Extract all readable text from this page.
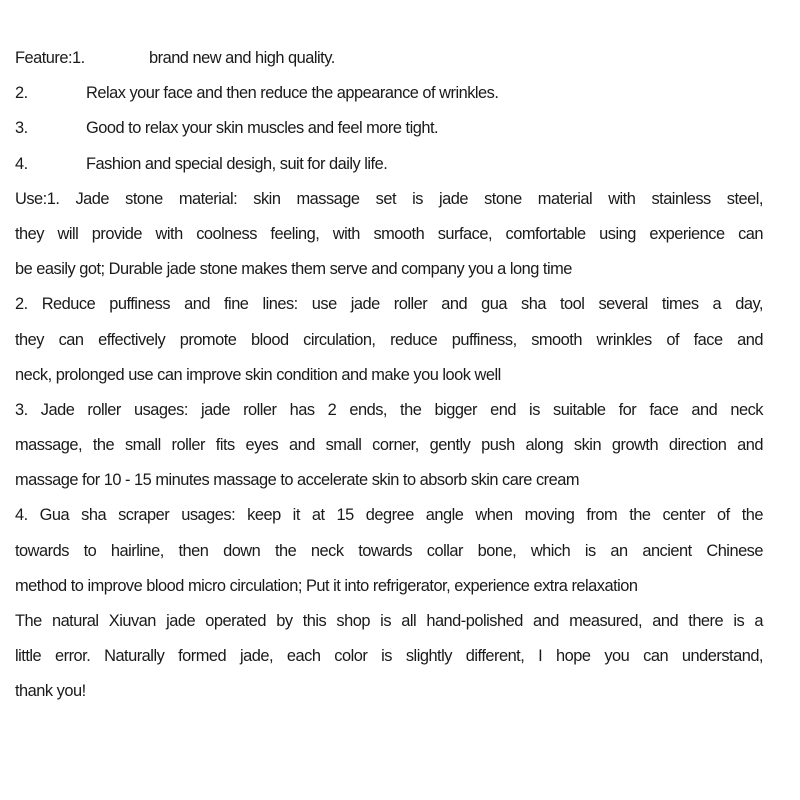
Feature:1.	brand new and high quality.
2.	Relax your face and then reduce the appearance of wrinkles.
3.	Good to relax your skin muscles and feel more tight.
4.	Fashion and special desigh, suit for daily life.
Use:1. Jade stone material: skin massage set is jade stone material with stainless steel,
they will provide with coolness feeling, with smooth surface, comfortable using experience can
be easily got; Durable jade stone makes them serve and company you a long time
2. Reduce puffiness and fine lines: use jade roller and gua sha tool several times a day,
they can effectively promote blood circulation, reduce puffiness, smooth wrinkles of face and
neck, prolonged use can improve skin condition and make you look well
3. Jade roller usages: jade roller has 2 ends, the bigger end is suitable for face and neck
massage, the small roller fits eyes and small corner, gently push along skin growth direction and
massage for 10 - 15 minutes massage to accelerate skin to absorb skin care cream
4. Gua sha scraper usages: keep it at 15 degree angle when moving from the center of the
towards to hairline, then down the neck towards collar bone, which is an ancient Chinese
method to improve blood micro circulation; Put it into refrigerator, experience extra relaxation
The natural Xiuvan jade operated by this shop is all hand-polished and measured, and there is a
little error. Naturally formed jade, each color is slightly different, I hope you can understand,
thank you!
